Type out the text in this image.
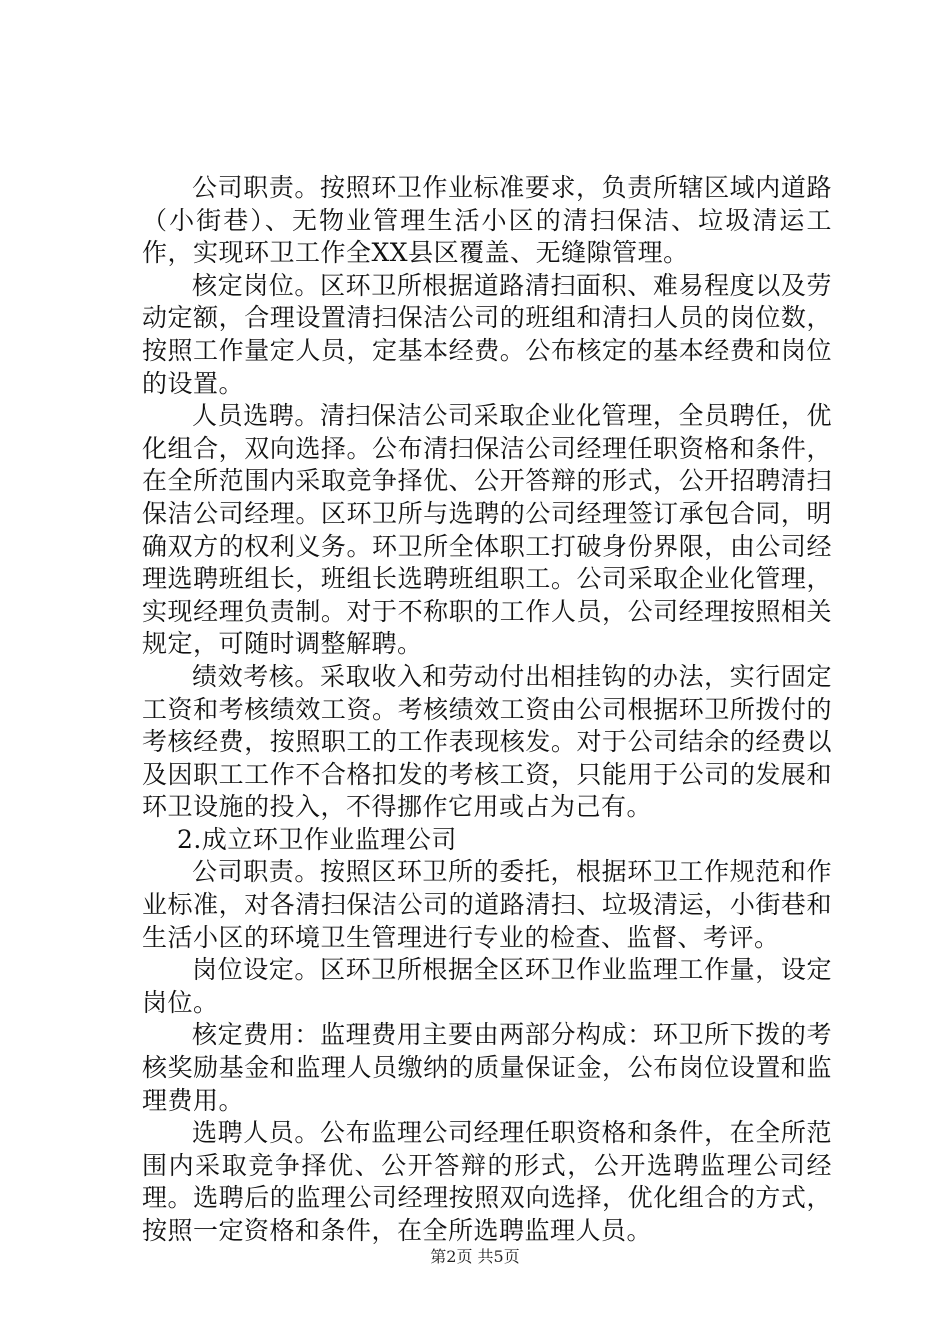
公司职责。按照环卫作业标准要求，负责所辖区域内道路（小街巷）、无物业管理生活小区的清扫保洁、垃圾清运工作，实现环卫工作全XX县区覆盖、无缝隙管理。

核定岗位。区环卫所根据道路清扫面积、难易程度以及劳动定额，合理设置清扫保洁公司的班组和清扫人员的岗位数，按照工作量定人员，定基本经费。公布核定的基本经费和岗位的设置。

人员选聘。清扫保洁公司采取企业化管理，全员聘任，优化组合，双向选择。公布清扫保洁公司经理任职资格和条件，在全所范围内采取竞争择优、公开答辩的形式，公开招聘清扫保洁公司经理。区环卫所与选聘的公司经理签订承包合同，明确双方的权利义务。环卫所全体职工打破身份界限，由公司经理选聘班组长，班组长选聘班组职工。公司采取企业化管理，实现经理负责制。对于不称职的工作人员，公司经理按照相关规定，可随时调整解聘。

绩效考核。采取收入和劳动付出相挂钩的办法，实行固定工资和考核绩效工资。考核绩效工资由公司根据环卫所拨付的考核经费，按照职工的工作表现核发。对于公司结余的经费以及因职工工作不合格扣发的考核工资，只能用于公司的发展和环卫设施的投入，不得挪作它用或占为己有。

2.成立环卫作业监理公司

公司职责。按照区环卫所的委托，根据环卫工作规范和作业标准，对各清扫保洁公司的道路清扫、垃圾清运，小街巷和生活小区的环境卫生管理进行专业的检查、监督、考评。

岗位设定。区环卫所根据全区环卫作业监理工作量，设定岗位。

核定费用：监理费用主要由两部分构成：环卫所下拨的考核奖励基金和监理人员缴纳的质量保证金，公布岗位设置和监理费用。

选聘人员。公布监理公司经理任职资格和条件，在全所范围内采取竞争择优、公开答辩的形式，公开选聘监理公司经理。选聘后的监理公司经理按照双向选择，优化组合的方式，按照一定资格和条件，在全所选聘监理人员。

第2页 共5页
